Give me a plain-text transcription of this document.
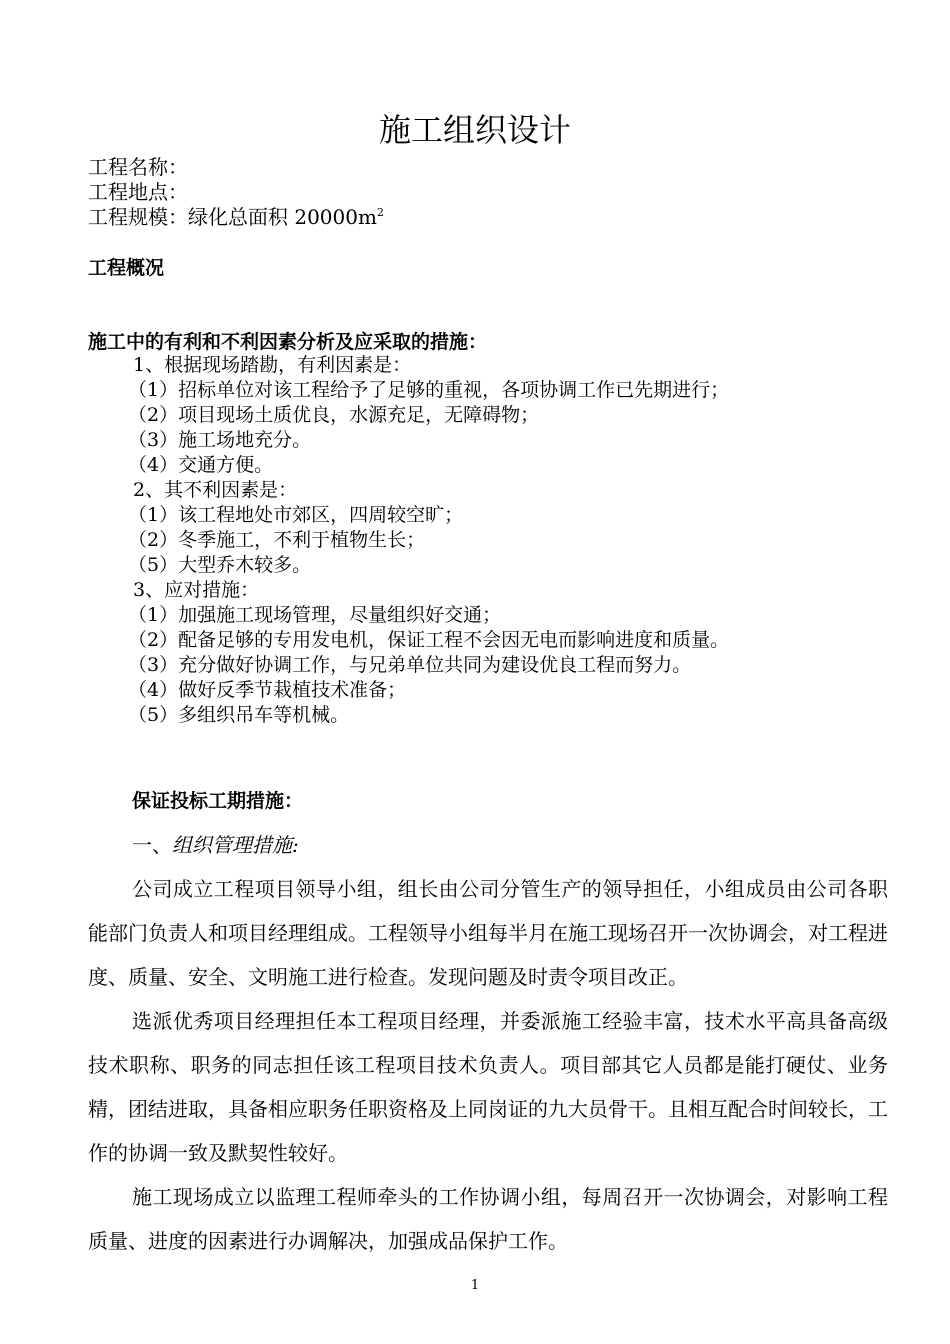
施工组织设计
工程名称：
工程地点：
工程规模：绿化总面积 $20000m^2$
工程概况
施工中的有利和不利因素分析及应采取的措施：
1、根据现场踏勘，有利因素是：
（1）招标单位对该工程给予了足够的重视，各项协调工作已先期进行；
（2）项目现场土质优良，水源充足，无障碍物；
（3）施工场地充分。
（4）交通方便。
2、其不利因素是：
（1）该工程地处市郊区，四周较空旷；
（2）冬季施工，不利于植物生长；
（5）大型乔木较多。
3、应对措施：
（1）加强施工现场管理，尽量组织好交通；
（2）配备足够的专用发电机，保证工程不会因无电而影响进度和质量。
（3）充分做好协调工作，与兄弟单位共同为建设优良工程而努力。
（4）做好反季节栽植技术准备；
（5）多组织吊车等机械。
保证投标工期措施：
一、组织管理措施:

公司成立工程项目领导小组，组长由公司分管生产的领导担任，小组成员由公司各职能部门负责人和项目经理组成。工程领导小组每半月在施工现场召开一次协调会，对工程进度、质量、安全、文明施工进行检查。发现问题及时责令项目改正。

选派优秀项目经理担任本工程项目经理，并委派施工经验丰富，技术水平高具备高级技术职称、职务的同志担任该工程项目技术负责人。项目部其它人员都是能打硬仗、业务精，团结进取，具备相应职务任职资格及上同岗证的九大员骨干。且相互配合时间较长，工作的协调一致及默契性较好。

施工现场成立以监理工程师牵头的工作协调小组，每周召开一次协调会，对影响工程质量、进度的因素进行办调解决，加强成品保护工作。

1
